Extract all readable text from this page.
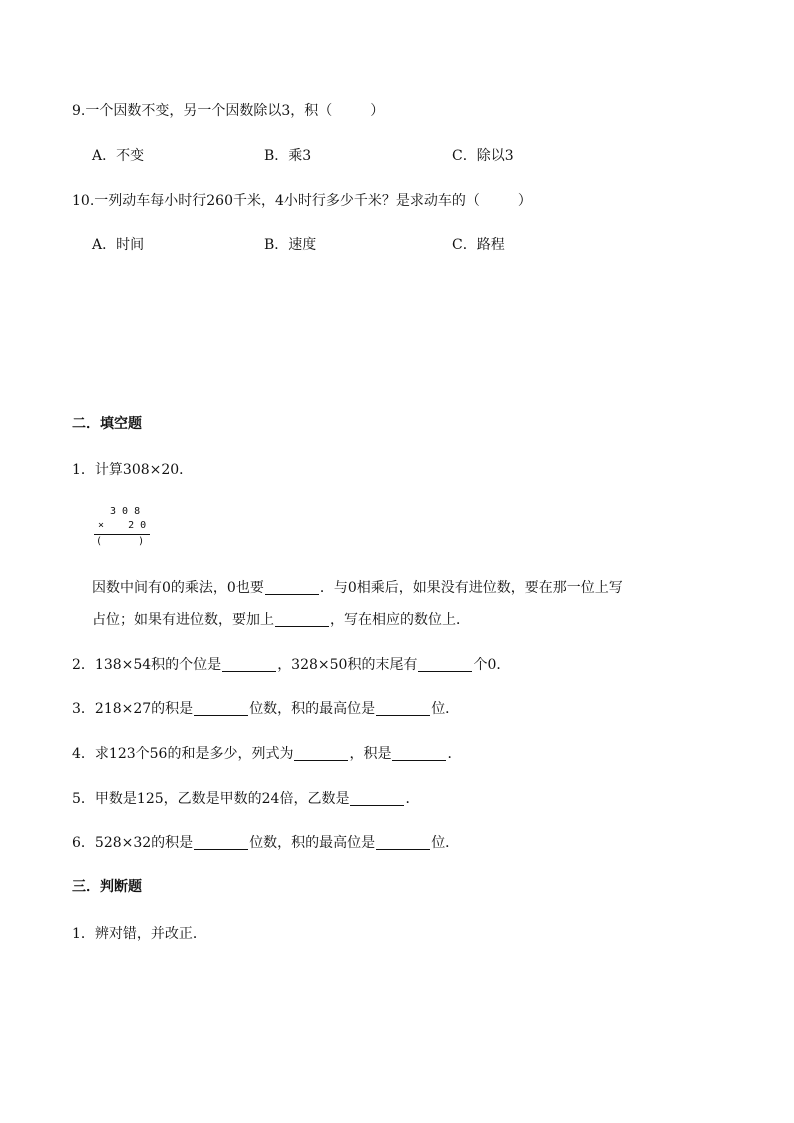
9.一个因数不变，另一个因数除以3，积（	）
A．不变	B．乘3	C．除以3
10.一列动车每小时行260千米，4小时行多少千米？是求动车的（	）
A．时间	B．速度	C．路程
二．填空题
1．计算308×20．
3 0 8
×    2 0
(      )
因数中间有0的乘法，0也要	．与0相乘后，如果没有进位数，要在那一位上写
占位；如果有进位数，要加上	，写在相应的数位上．
2．138×54积的个位是	，328×50积的末尾有	个0．
3．218×27的积是	位数，积的最高位是	位．
4．求123个56的和是多少，列式为	，积是	．
5．甲数是125，乙数是甲数的24倍，乙数是	．
6．528×32的积是	位数，积的最高位是	位．
三．判断题
1．辨对错，并改正．
